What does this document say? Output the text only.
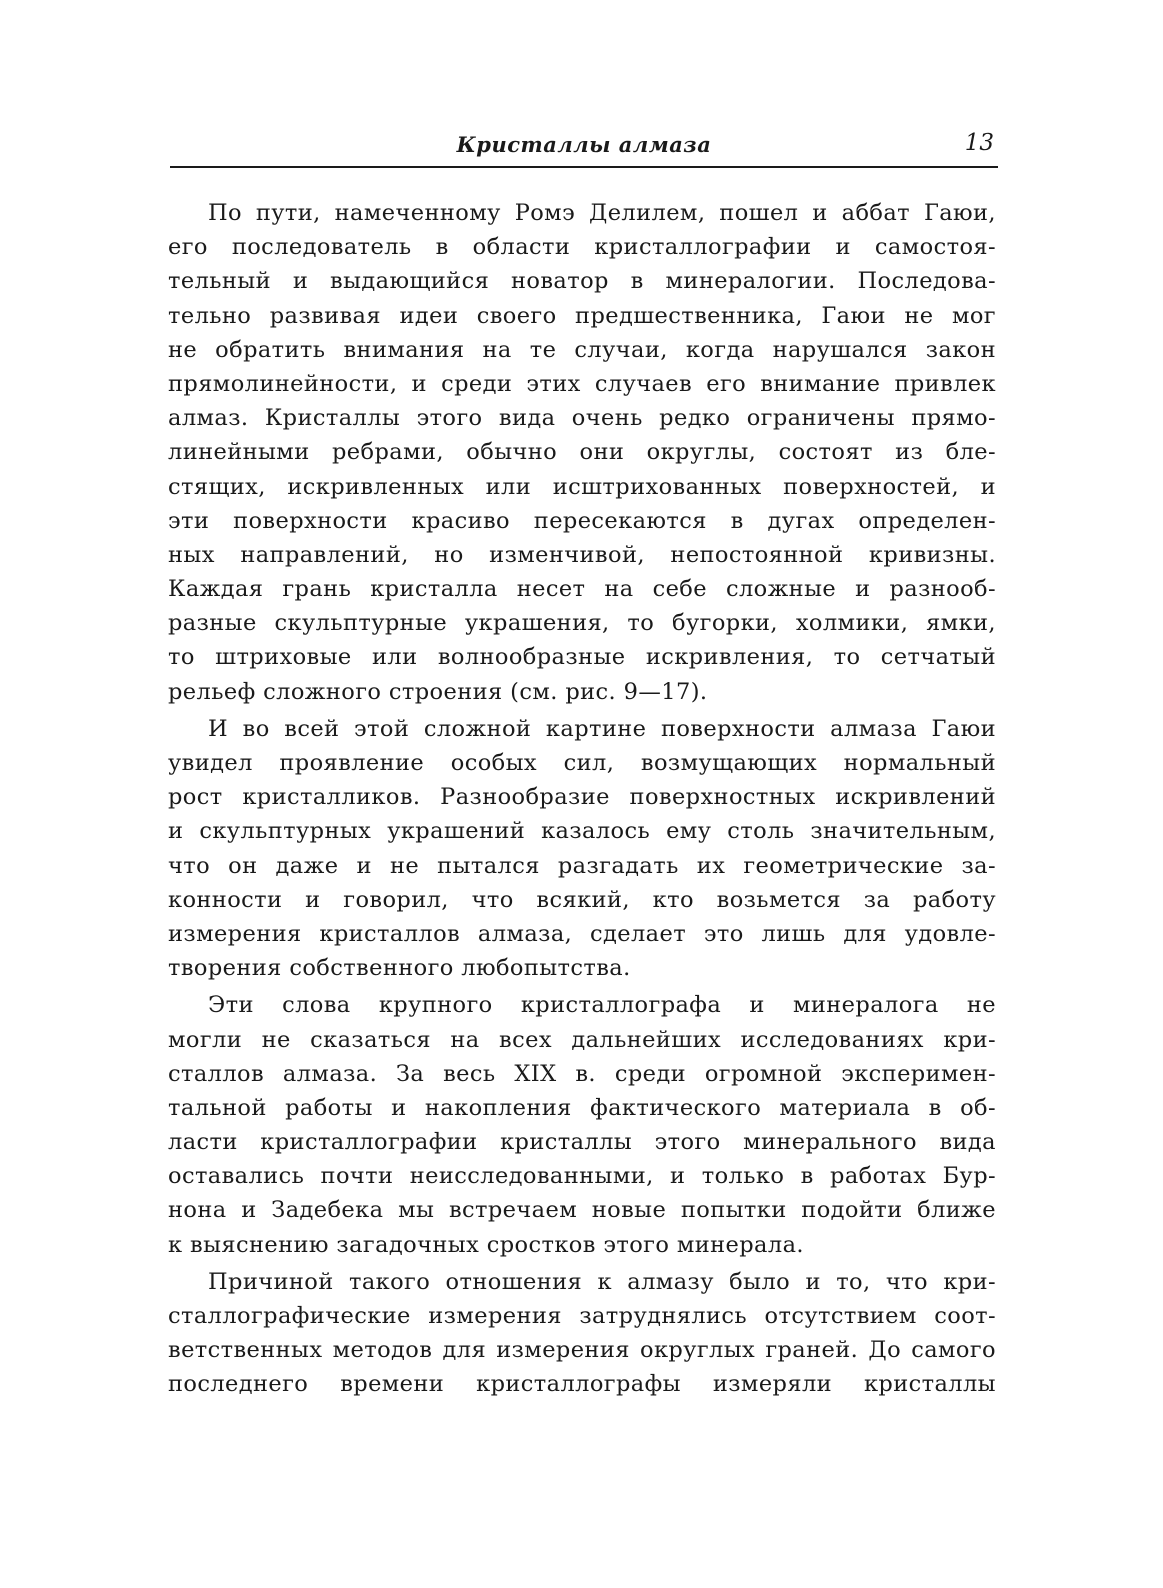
Кристаллы алмаза	13
По пути, намеченному Ромэ Делилем, пошел и аббат Гаюи,
его последователь в области кристаллографии и самостоя-
тельный и выдающийся новатор в минералогии. Последова-
тельно развивая идеи своего предшественника, Гаюи не мог
не обратить внимания на те случаи, когда нарушался закон
прямолинейности, и среди этих случаев его внимание привлек
алмаз. Кристаллы этого вида очень редко ограничены прямо-
линейными ребрами, обычно они округлы, состоят из бле-
стящих, искривленных или исштрихованных поверхностей, и
эти поверхности красиво пересекаются в дугах определен-
ных направлений, но изменчивой, непостоянной кривизны.
Каждая грань кристалла несет на себе сложные и разнооб-
разные скульптурные украшения, то бугорки, холмики, ямки,
то штриховые или волнообразные искривления, то сетчатый
рельеф сложного строения (см. рис. 9—17).
И во всей этой сложной картине поверхности алмаза Гаюи
увидел проявление особых сил, возмущающих нормальный
рост кристалликов. Разнообразие поверхностных искривлений
и скульптурных украшений казалось ему столь значительным,
что он даже и не пытался разгадать их геометрические за-
конности и говорил, что всякий, кто возьмется за работу
измерения кристаллов алмаза, сделает это лишь для удовле-
творения собственного любопытства.
Эти слова крупного кристаллографа и минералога не
могли не сказаться на всех дальнейших исследованиях кри-
сталлов алмаза. За весь XIX в. среди огромной эксперимен-
тальной работы и накопления фактического материала в об-
ласти кристаллографии кристаллы этого минерального вида
оставались почти неисследованными, и только в работах Бур-
нона и Задебека мы встречаем новые попытки подойти ближе
к выяснению загадочных сростков этого минерала.
Причиной такого отношения к алмазу было и то, что кри-
сталлографические измерения затруднялись отсутствием соот-
ветственных методов для измерения округлых граней. До самого
последнего времени кристаллографы измеряли кристаллы
